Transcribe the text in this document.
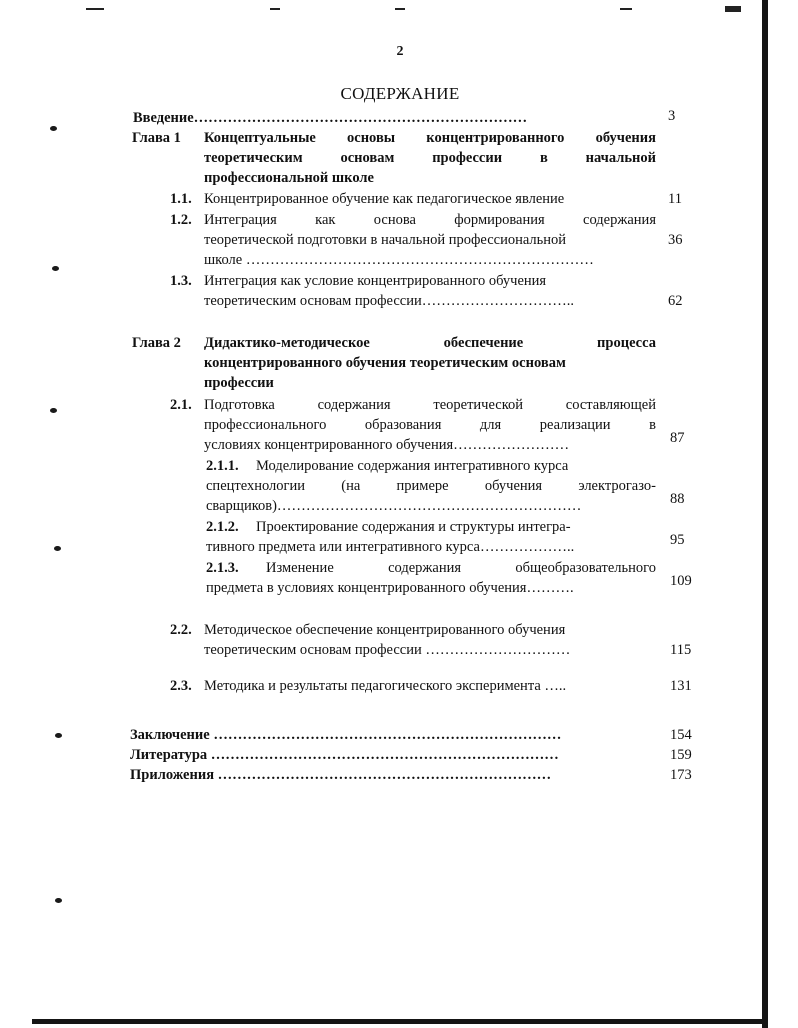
2
СОДЕРЖАНИЕ
Введение……………………………………………………………	3
Глава 1 Концептуальные основы концентрированного обучения
теоретическим	основам	профессии	в	начальной
профессиональной школе
1.1. Концентрированное обучение как педагогическое явление	11
1.2. Интеграция	как	основа	формирования	содержания
теоретической подготовки в начальной профессиональной	36
школе ………………………………………………………………
1.3. Интеграция как условие концентрированного обучения
теоретическим основам профессии…………………………..	62
Глава 2 Дидактико-методическое	обеспечение	процесса
концентрированного обучения теоретическим основам
профессии
2.1. Подготовка	содержания	теоретической	составляющей
профессионального	образования	для	реализации	в
условиях концентрированного обучения……………………	87
2.1.1. Моделирование содержания интегративного курса
спецтехнологии	(на	примере	обучения	электрогазо-
сварщиков)………………………………………………………	88
2.1.2. Проектирование содержания и структуры интегра-
тивного предмета или интегративного курса………………..	95
2.1.3. Изменение	содержания	общеобразовательного
предмета в условиях концентрированного обучения……….	109
2.2. Методическое обеспечение концентрированного обучения
теоретическим основам профессии …………………………	115
2.3. Методика и результаты педагогического эксперимента …..	131
Заключение ………………………………………………………………	154
Литература ………………………………………………………………	159
Приложения ……………………………………………………………	173
